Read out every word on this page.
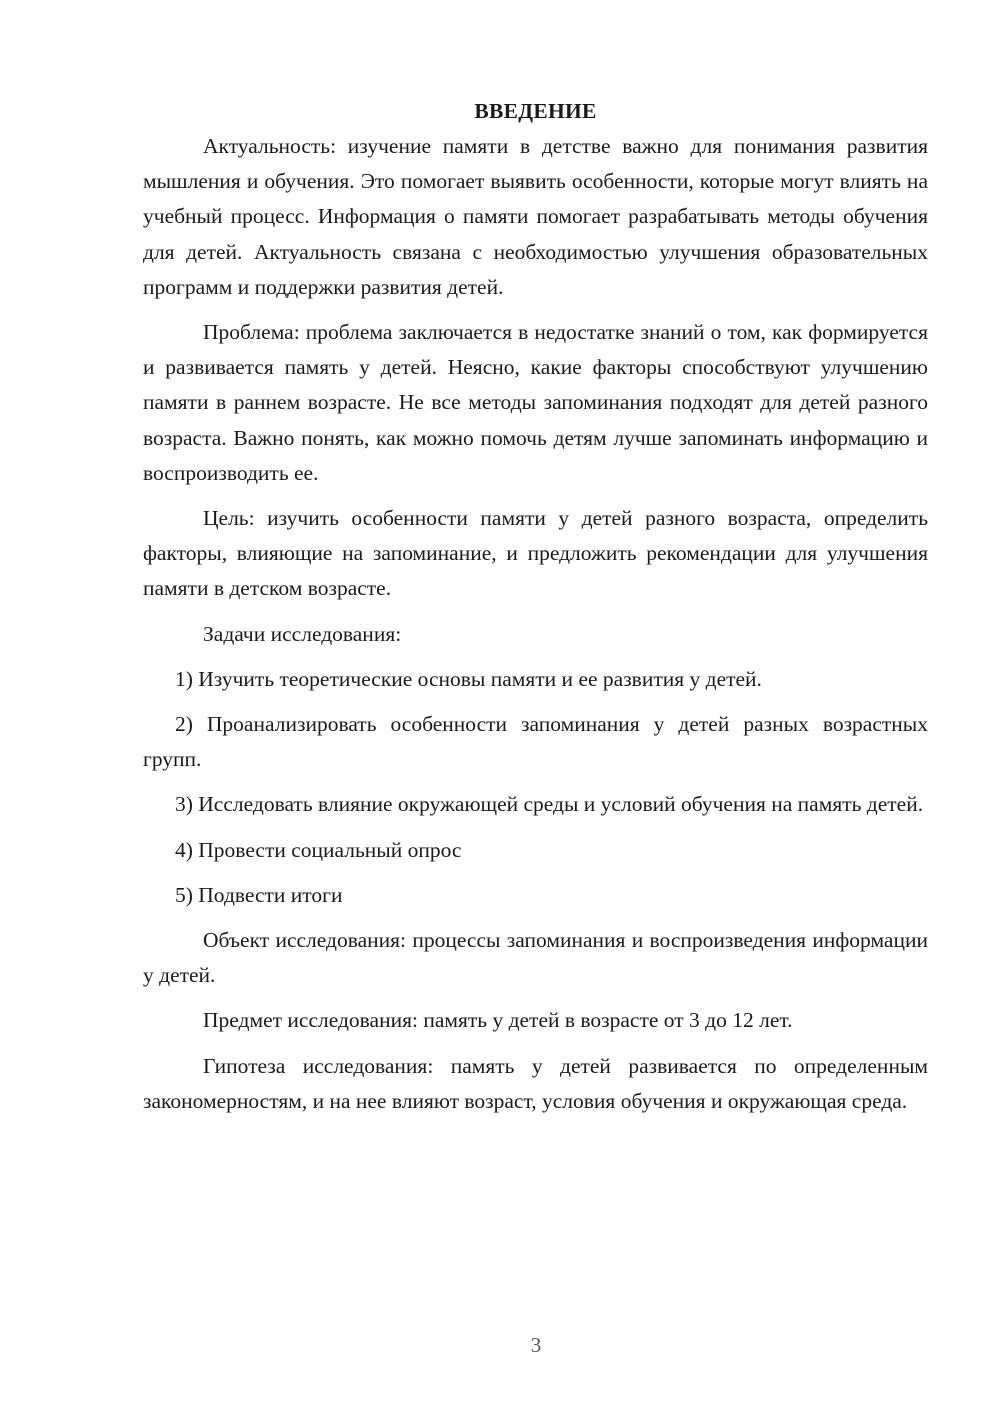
ВВЕДЕНИЕ

Актуальность: изучение памяти в детстве важно для понимания развития мышления и обучения. Это помогает выявить особенности, которые могут влиять на учебный процесс. Информация о памяти помогает разрабатывать методы обучения для детей. Актуальность связана с необходимостью улучшения образовательных программ и поддержки развития детей.

Проблема: проблема заключается в недостатке знаний о том, как формируется и развивается память у детей. Неясно, какие факторы способствуют улучшению памяти в раннем возрасте. Не все методы запоминания подходят для детей разного возраста. Важно понять, как можно помочь детям лучше запоминать информацию и воспроизводить ее.

Цель: изучить особенности памяти у детей разного возраста, определить факторы, влияющие на запоминание, и предложить рекомендации для улучшения памяти в детском возрасте.

Задачи исследования:

1) Изучить теоретические основы памяти и ее развития у детей.

2) Проанализировать особенности запоминания у детей разных возрастных групп.

3) Исследовать влияние окружающей среды и условий обучения на память детей.

4) Провести социальный опрос

5) Подвести итоги

Объект исследования: процессы запоминания и воспроизведения информации у детей.

Предмет исследования: память у детей в возрасте от 3 до 12 лет.

Гипотеза исследования: память у детей развивается по определенным закономерностям, и на нее влияют возраст, условия обучения и окружающая среда.

3
